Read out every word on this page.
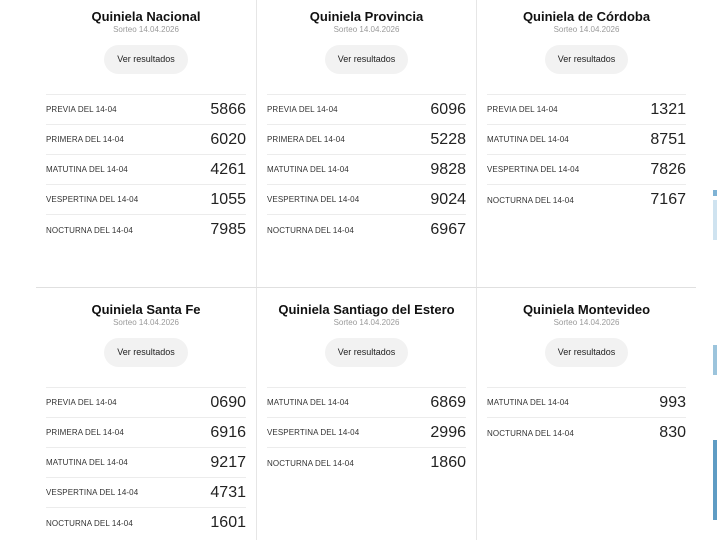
Quiniela Nacional
Sorteo 14.04.2026
Ver resultados
PREVIA DEL 14-04	5866
PRIMERA DEL 14-04	6020
MATUTINA DEL 14-04	4261
VESPERTINA DEL 14-04	1055
NOCTURNA DEL 14-04	7985
Quiniela Provincia
Sorteo 14.04.2026
Ver resultados
PREVIA DEL 14-04	6096
PRIMERA DEL 14-04	5228
MATUTINA DEL 14-04	9828
VESPERTINA DEL 14-04	9024
NOCTURNA DEL 14-04	6967
Quiniela de Córdoba
Sorteo 14.04.2026
Ver resultados
PREVIA DEL 14-04	1321
MATUTINA DEL 14-04	8751
VESPERTINA DEL 14-04	7826
NOCTURNA DEL 14-04	7167
Quiniela Santa Fe
Sorteo 14.04.2026
Ver resultados
PREVIA DEL 14-04	0690
PRIMERA DEL 14-04	6916
MATUTINA DEL 14-04	9217
VESPERTINA DEL 14-04	4731
NOCTURNA DEL 14-04	1601
Quiniela Santiago del Estero
Sorteo 14.04.2026
Ver resultados
MATUTINA DEL 14-04	6869
VESPERTINA DEL 14-04	2996
NOCTURNA DEL 14-04	1860
Quiniela Montevideo
Sorteo 14.04.2026
Ver resultados
MATUTINA DEL 14-04	993
NOCTURNA DEL 14-04	830
